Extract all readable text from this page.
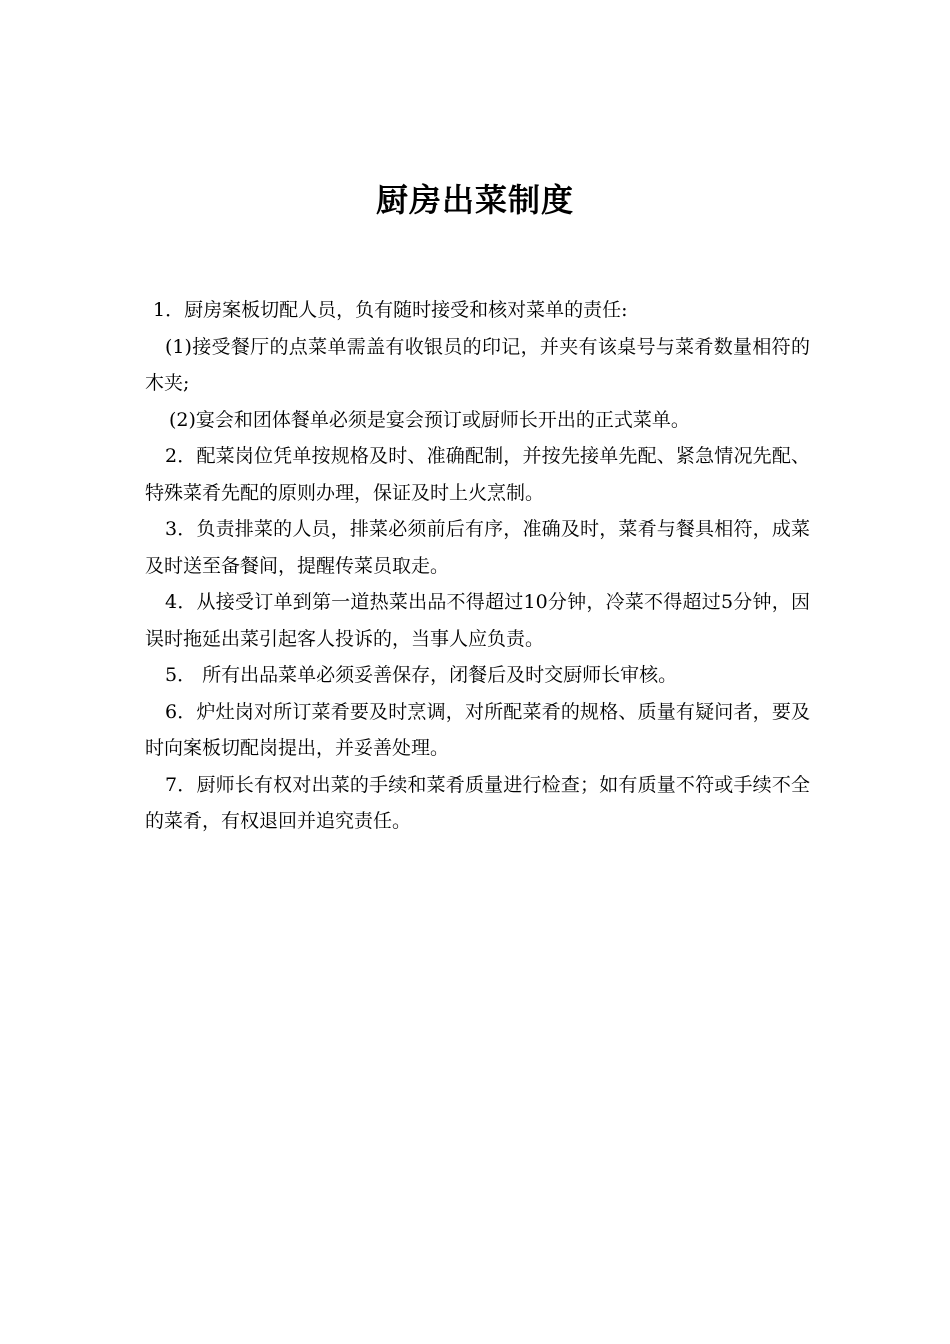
厨房出菜制度

1．厨房案板切配人员，负有随时接受和核对菜单的责任:

(1)接受餐厅的点菜单需盖有收银员的印记，并夹有该桌号与菜肴数量相符的木夹;

(2)宴会和团体餐单必须是宴会预订或厨师长开出的正式菜单。

2．配菜岗位凭单按规格及时、准确配制，并按先接单先配、紧急情况先配、特殊菜肴先配的原则办理，保证及时上火烹制。

3．负责排菜的人员，排菜必须前后有序，准确及时，菜肴与餐具相符，成菜及时送至备餐间，提醒传菜员取走。

4．从接受订单到第一道热菜出品不得超过10分钟，冷菜不得超过5分钟，因误时拖延出菜引起客人投诉的，当事人应负责。

5． 所有出品菜单必须妥善保存，闭餐后及时交厨师长审核。

6．炉灶岗对所订菜肴要及时烹调，对所配菜肴的规格、质量有疑问者，要及时向案板切配岗提出，并妥善处理。

7．厨师长有权对出菜的手续和菜肴质量进行检查；如有质量不符或手续不全的菜肴，有权退回并追究责任。
